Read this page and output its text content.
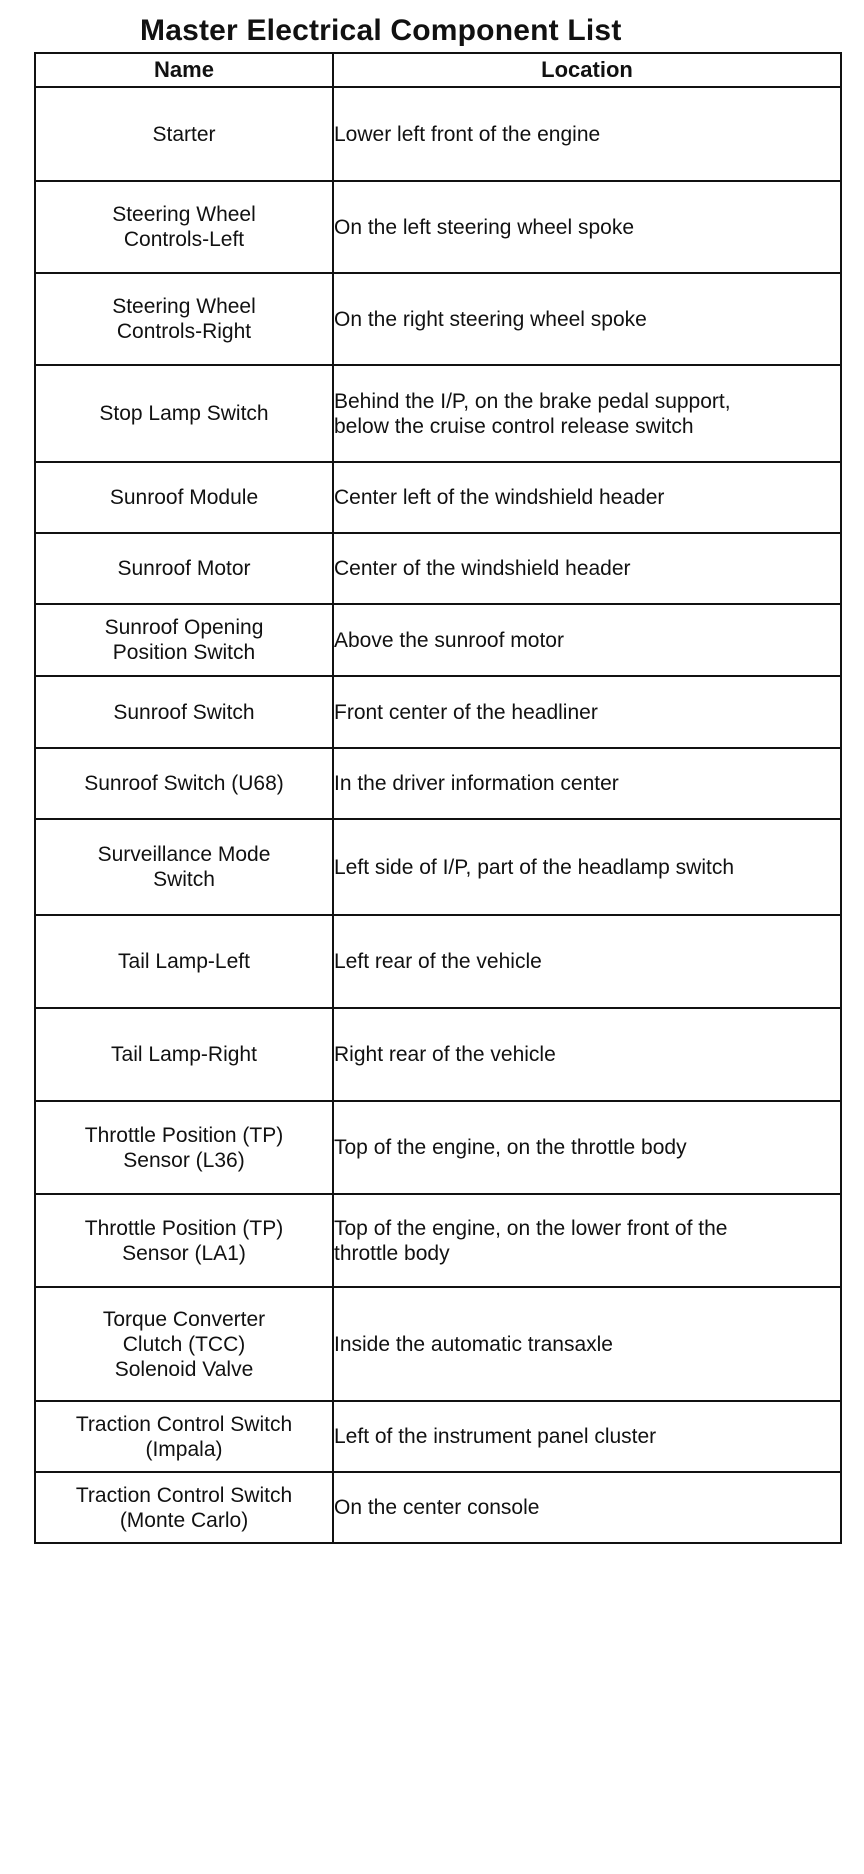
Master Electrical Component List
Name	Location
Starter	Lower left front of the engine
Steering Wheel
Controls-Left	On the left steering wheel spoke
Steering Wheel
Controls-Right	On the right steering wheel spoke
Stop Lamp Switch	Behind the I/P, on the brake pedal support,
below the cruise control release switch
Sunroof Module	Center left of the windshield header
Sunroof Motor	Center of the windshield header
Sunroof Opening
Position Switch	Above the sunroof motor
Sunroof Switch	Front center of the headliner
Sunroof Switch (U68)	In the driver information center
Surveillance Mode
Switch	Left side of I/P, part of the headlamp switch
Tail Lamp-Left	Left rear of the vehicle
Tail Lamp-Right	Right rear of the vehicle
Throttle Position (TP)
Sensor (L36)	Top of the engine, on the throttle body
Throttle Position (TP)
Sensor (LA1)	Top of the engine, on the lower front of the
throttle body
Torque Converter
Clutch (TCC)
Solenoid Valve	Inside the automatic transaxle
Traction Control Switch
(Impala)	Left of the instrument panel cluster
Traction Control Switch
(Monte Carlo)	On the center console
